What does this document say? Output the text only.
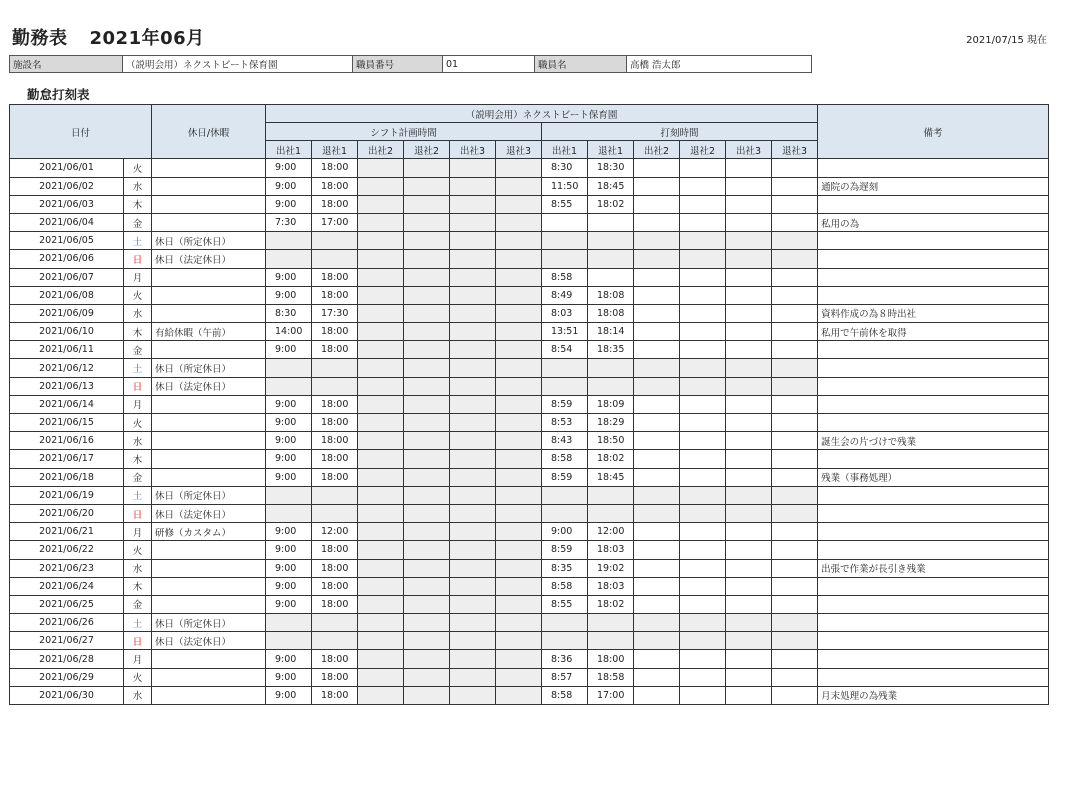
勤務表 2021年06月	2021/07/15 現在
施設名	（説明会用）ネクストビート保育園	職員番号	01	職員名	高橋 浩太郎
勤怠打刻表
日付		休日/休暇	（説明会用）ネクストビート保育園												備考
			シフト計画時間						打刻時間						
			出社1	退社1	出社2	退社2	出社3	退社3	出社1	退社1	出社2	退社2	出社3	退社3	
2021/06/01	火		9:00	18:00					8:30	18:30					
2021/06/02	水		9:00	18:00					11:50	18:45					通院の為遅刻
2021/06/03	木		9:00	18:00					8:55	18:02					
2021/06/04	金		7:30	17:00											私用の為
2021/06/05	土	休日（所定休日）													
2021/06/06	日	休日（法定休日）													
2021/06/07	月		9:00	18:00					8:58						
2021/06/08	火		9:00	18:00					8:49	18:08					
2021/06/09	水		8:30	17:30					8:03	18:08					資料作成の為８時出社
2021/06/10	木	有給休暇（午前）	14:00	18:00					13:51	18:14					私用で午前休を取得
2021/06/11	金		9:00	18:00					8:54	18:35					
2021/06/12	土	休日（所定休日）													
2021/06/13	日	休日（法定休日）													
2021/06/14	月		9:00	18:00					8:59	18:09					
2021/06/15	火		9:00	18:00					8:53	18:29					
2021/06/16	水		9:00	18:00					8:43	18:50					誕生会の片づけで残業
2021/06/17	木		9:00	18:00					8:58	18:02					
2021/06/18	金		9:00	18:00					8:59	18:45					残業（事務処理）
2021/06/19	土	休日（所定休日）													
2021/06/20	日	休日（法定休日）													
2021/06/21	月	研修（カスタム）	9:00	12:00					9:00	12:00					
2021/06/22	火		9:00	18:00					8:59	18:03					
2021/06/23	水		9:00	18:00					8:35	19:02					出張で作業が長引き残業
2021/06/24	木		9:00	18:00					8:58	18:03					
2021/06/25	金		9:00	18:00					8:55	18:02					
2021/06/26	土	休日（所定休日）													
2021/06/27	日	休日（法定休日）													
2021/06/28	月		9:00	18:00					8:36	18:00					
2021/06/29	火		9:00	18:00					8:57	18:58					
2021/06/30	水		9:00	18:00					8:58	17:00					月末処理の為残業
